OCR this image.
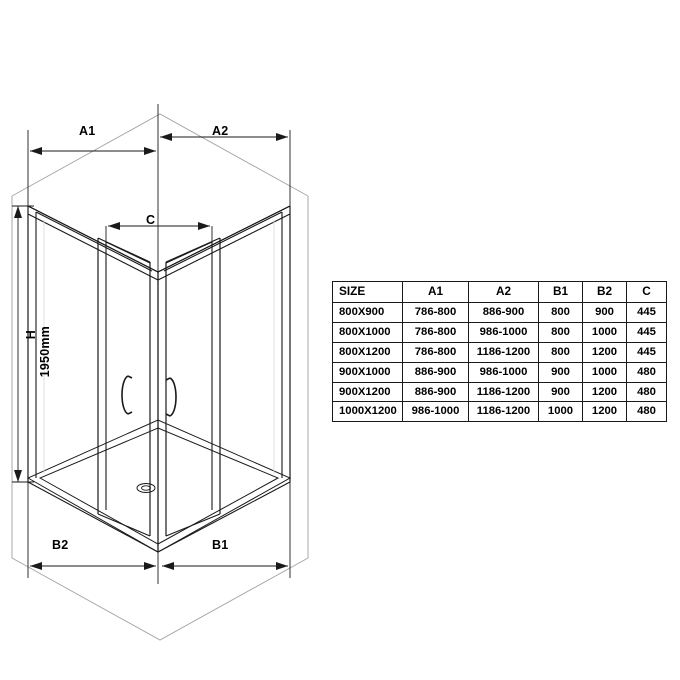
A1	A2
C
H 1950mm
B2	B1
SIZE	A1	A2	B1	B2	C
800X900	786-800	886-900	800	900	445
800X1000	786-800	986-1000	800	1000	445
800X1200	786-800	1186-1200	800	1200	445
900X1000	886-900	986-1000	900	1000	480
900X1200	886-900	1186-1200	900	1200	480
1000X1200	986-1000	1186-1200	1000	1200	480
